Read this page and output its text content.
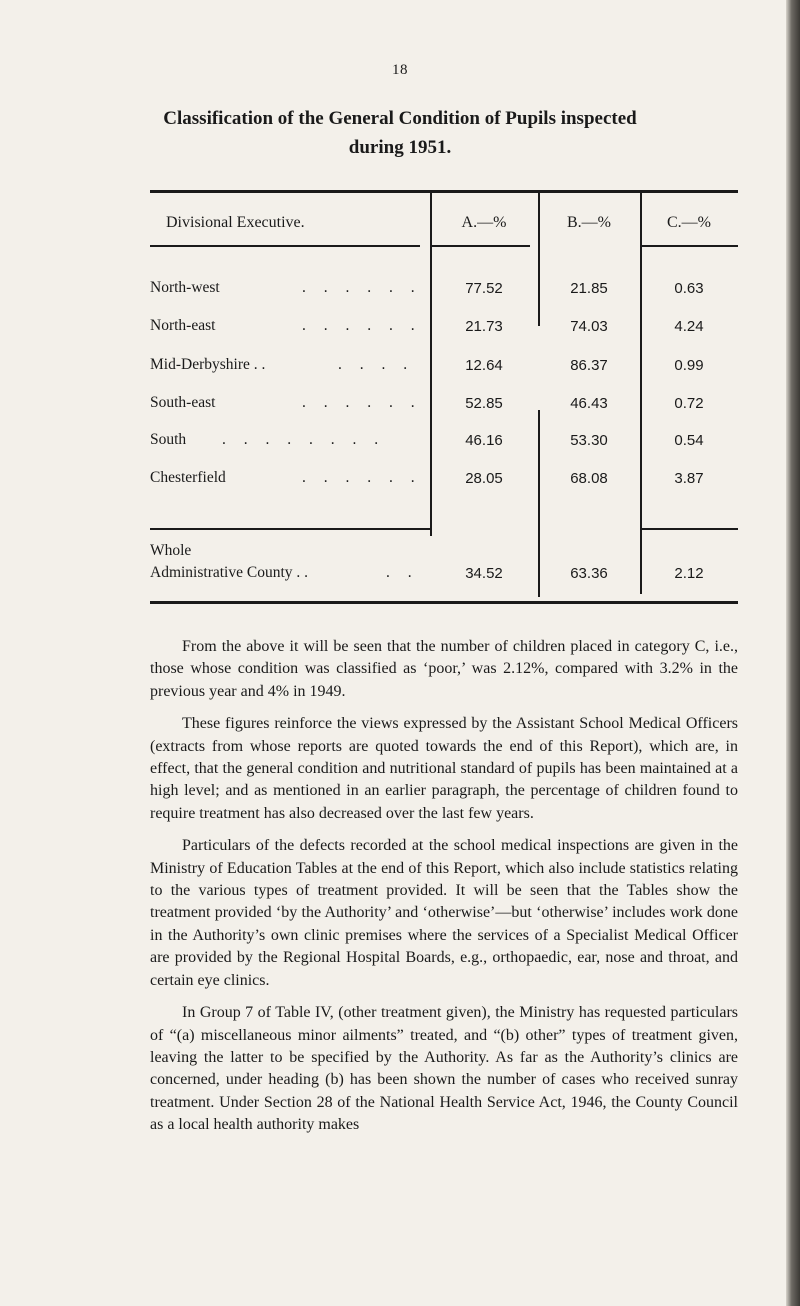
18
Classification of the General Condition of Pupils inspected
during 1951.
Divisional Executive.	A.—%	B.—%	C.—%
North-west	. . . . . .	77.52	21.85	0.63
North-east	. . . . . .	21.73	74.03	4.24
Mid-Derbyshire . .	. . . .	12.64	86.37	0.99
South-east	. . . . . .	52.85	46.43	0.72
South . . . . . . . .	46.16	53.30	0.54
Chesterfield	. . . . . .	28.05	68.08	3.87
Whole
Administrative County . .	. .	34.52	63.36	2.12

From the above it will be seen that the number of children placed in category C, i.e., those whose condition was classified as ‘poor,’ was 2.12%, compared with 3.2% in the previous year and 4% in 1949.

These figures reinforce the views expressed by the Assistant School Medical Officers (extracts from whose reports are quoted towards the end of this Report), which are, in effect, that the general condition and nutritional standard of pupils has been maintained at a high level; and as mentioned in an earlier paragraph, the percentage of children found to require treatment has also decreased over the last few years.

Particulars of the defects recorded at the school medical inspections are given in the Ministry of Education Tables at the end of this Report, which also include statistics relating to the various types of treatment provided. It will be seen that the Tables show the treatment provided ‘by the Authority’ and ‘otherwise’—but ‘otherwise’ includes work done in the Authority’s own clinic premises where the services of a Specialist Medical Officer are provided by the Regional Hospital Boards, e.g., orthopaedic, ear, nose and throat, and certain eye clinics.

In Group 7 of Table IV, (other treatment given), the Ministry has requested particulars of “(a) miscellaneous minor ailments” treated, and “(b) other” types of treatment given, leaving the latter to be specified by the Authority. As far as the Authority’s clinics are concerned, under heading (b) has been shown the number of cases who received sunray treatment. Under Section 28 of the National Health Service Act, 1946, the County Council as a local health authority makes
